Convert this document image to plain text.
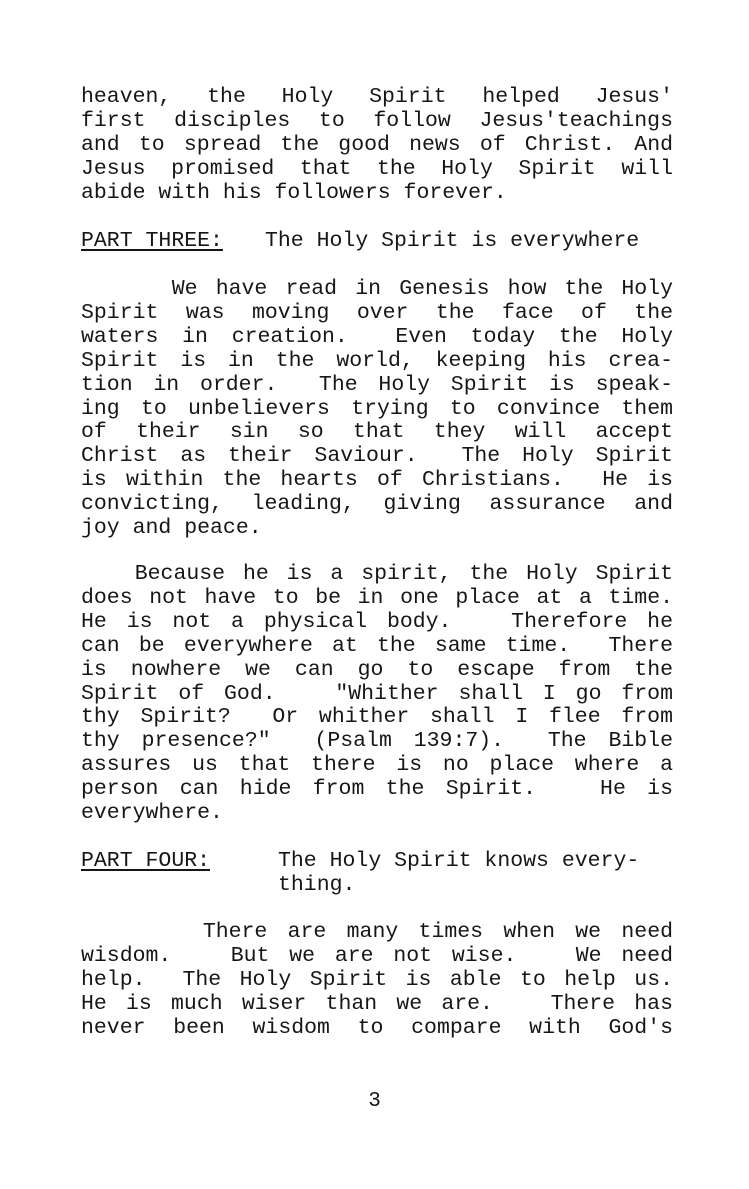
heaven, the Holy Spirit helped Jesus'
first disciples to follow Jesus'teachings
and to spread the good news of Christ. And
Jesus promised that the Holy Spirit will
abide with his followers forever.
PART THREE: The Holy Spirit is everywhere
We have read in Genesis how the Holy
Spirit was moving over the face of the
waters in creation.  Even today the Holy
Spirit is in the world, keeping his crea-
tion in order.  The Holy Spirit is speak-
ing to unbelievers trying to convince them
of their sin so that they will accept
Christ as their Saviour.  The Holy Spirit
is within the hearts of Christians.  He is
convicting, leading, giving assurance and
joy and peace.
Because he is a spirit, the Holy Spirit
does not have to be in one place at a time.
He is not a physical body.   Therefore he
can be everywhere at the same time.  There
is nowhere we can go to escape from the
Spirit of God.   "Whither shall I go from
thy Spirit?  Or whither shall I flee from
thy presence?"  (Psalm 139:7).  The Bible
assures us that there is no place where a
person can hide from the Spirit.   He is
everywhere.
PART FOUR:	The Holy Spirit knows every-
thing.
There are many times when we need
wisdom.   But we are not wise.   We need
help.  The Holy Spirit is able to help us.
He is much wiser than we are.   There has
never been wisdom to compare with God's
3
